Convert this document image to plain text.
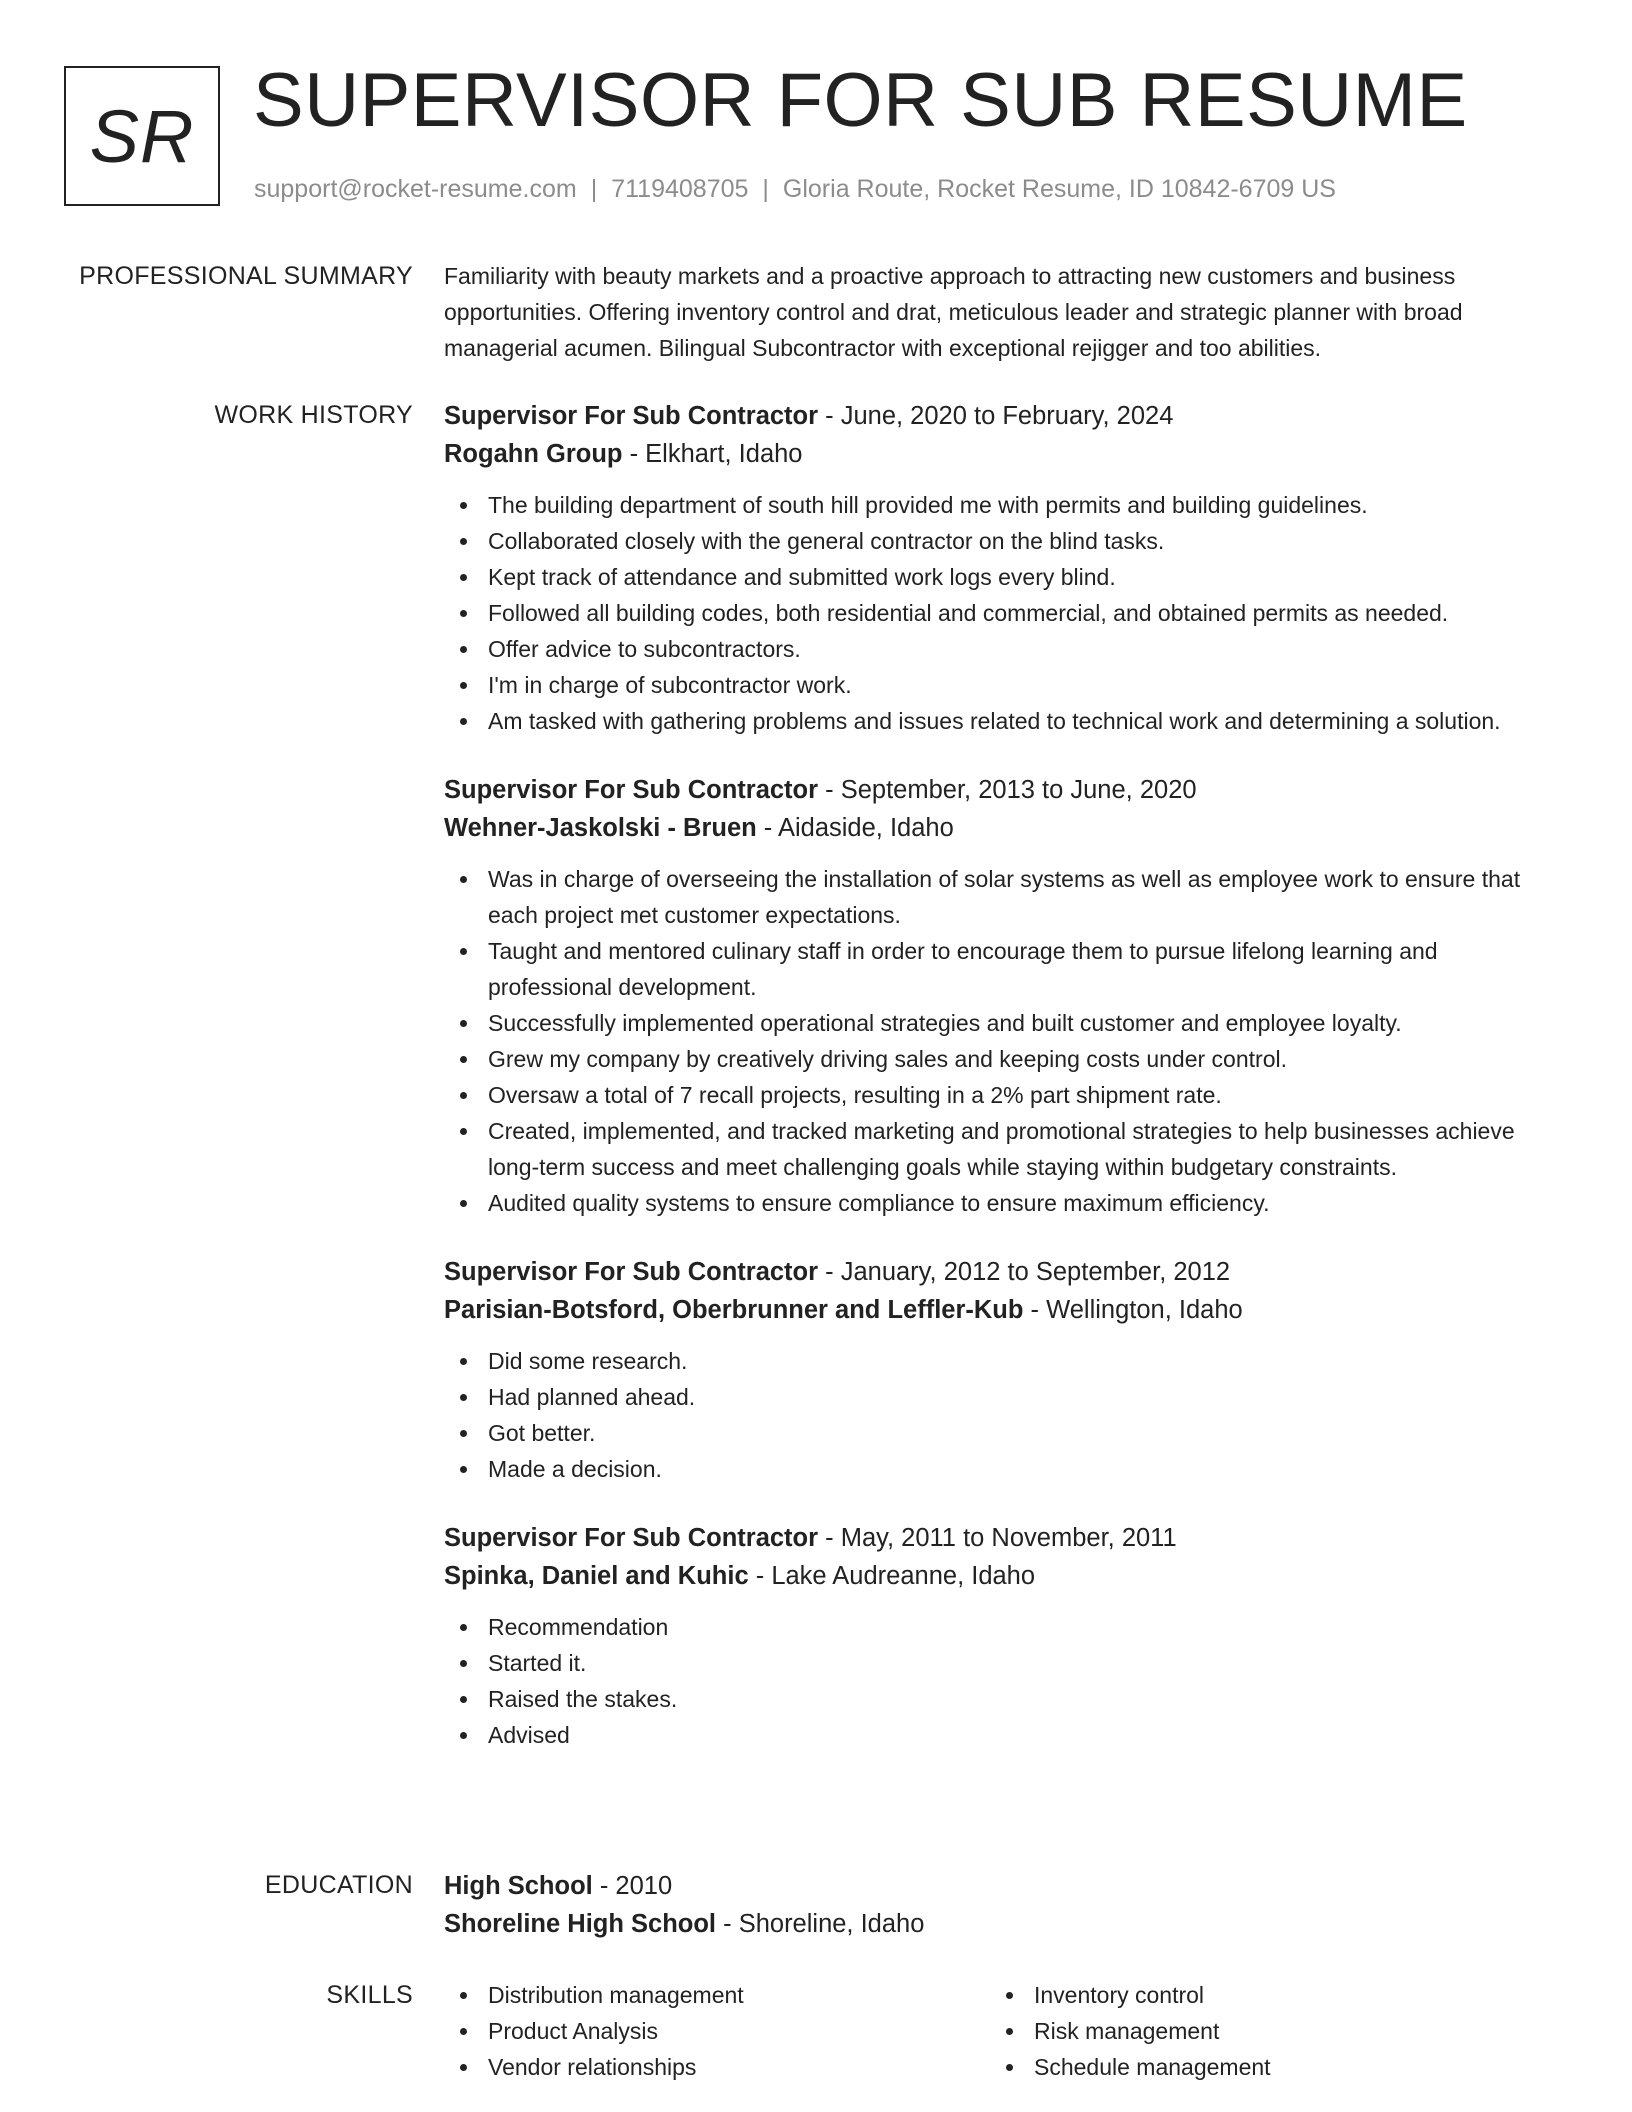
SR SUPERVISOR FOR SUB RESUME
support@rocket-resume.com | 7119408705 | Gloria Route, Rocket Resume, ID 10842-6709 US
PROFESSIONAL SUMMARY Familiarity with beauty markets and a proactive approach to attracting new customers and business opportunities. Offering inventory control and drat, meticulous leader and strategic planner with broad managerial acumen. Bilingual Subcontractor with exceptional rejigger and too abilities.

WORK HISTORY Supervisor For Sub Contractor - June, 2020 to February, 2024
Rogahn Group - Elkhart, Idaho
The building department of south hill provided me with permits and building guidelines.
Collaborated closely with the general contractor on the blind tasks.
Kept track of attendance and submitted work logs every blind.
Followed all building codes, both residential and commercial, and obtained permits as needed.
Offer advice to subcontractors.
I'm in charge of subcontractor work.
Am tasked with gathering problems and issues related to technical work and determining a solution.
Supervisor For Sub Contractor - September, 2013 to June, 2020
Wehner-Jaskolski - Bruen - Aidaside, Idaho
Was in charge of overseeing the installation of solar systems as well as employee work to ensure that each project met customer expectations.
Taught and mentored culinary staff in order to encourage them to pursue lifelong learning and professional development.
Successfully implemented operational strategies and built customer and employee loyalty.
Grew my company by creatively driving sales and keeping costs under control.
Oversaw a total of 7 recall projects, resulting in a 2% part shipment rate.
Created, implemented, and tracked marketing and promotional strategies to help businesses achieve long-term success and meet challenging goals while staying within budgetary constraints.
Audited quality systems to ensure compliance to ensure maximum efficiency.
Supervisor For Sub Contractor - January, 2012 to September, 2012
Parisian-Botsford, Oberbrunner and Leffler-Kub - Wellington, Idaho
Did some research.
Had planned ahead.
Got better.
Made a decision.
Supervisor For Sub Contractor - May, 2011 to November, 2011
Spinka, Daniel and Kuhic - Lake Audreanne, Idaho
Recommendation
Started it.
Raised the stakes.
Advised
EDUCATION High School - 2010
Shoreline High School - Shoreline, Idaho
SKILLS	Distribution management
Product Analysis
Vendor relationships
Inventory control
Risk management
Schedule management
